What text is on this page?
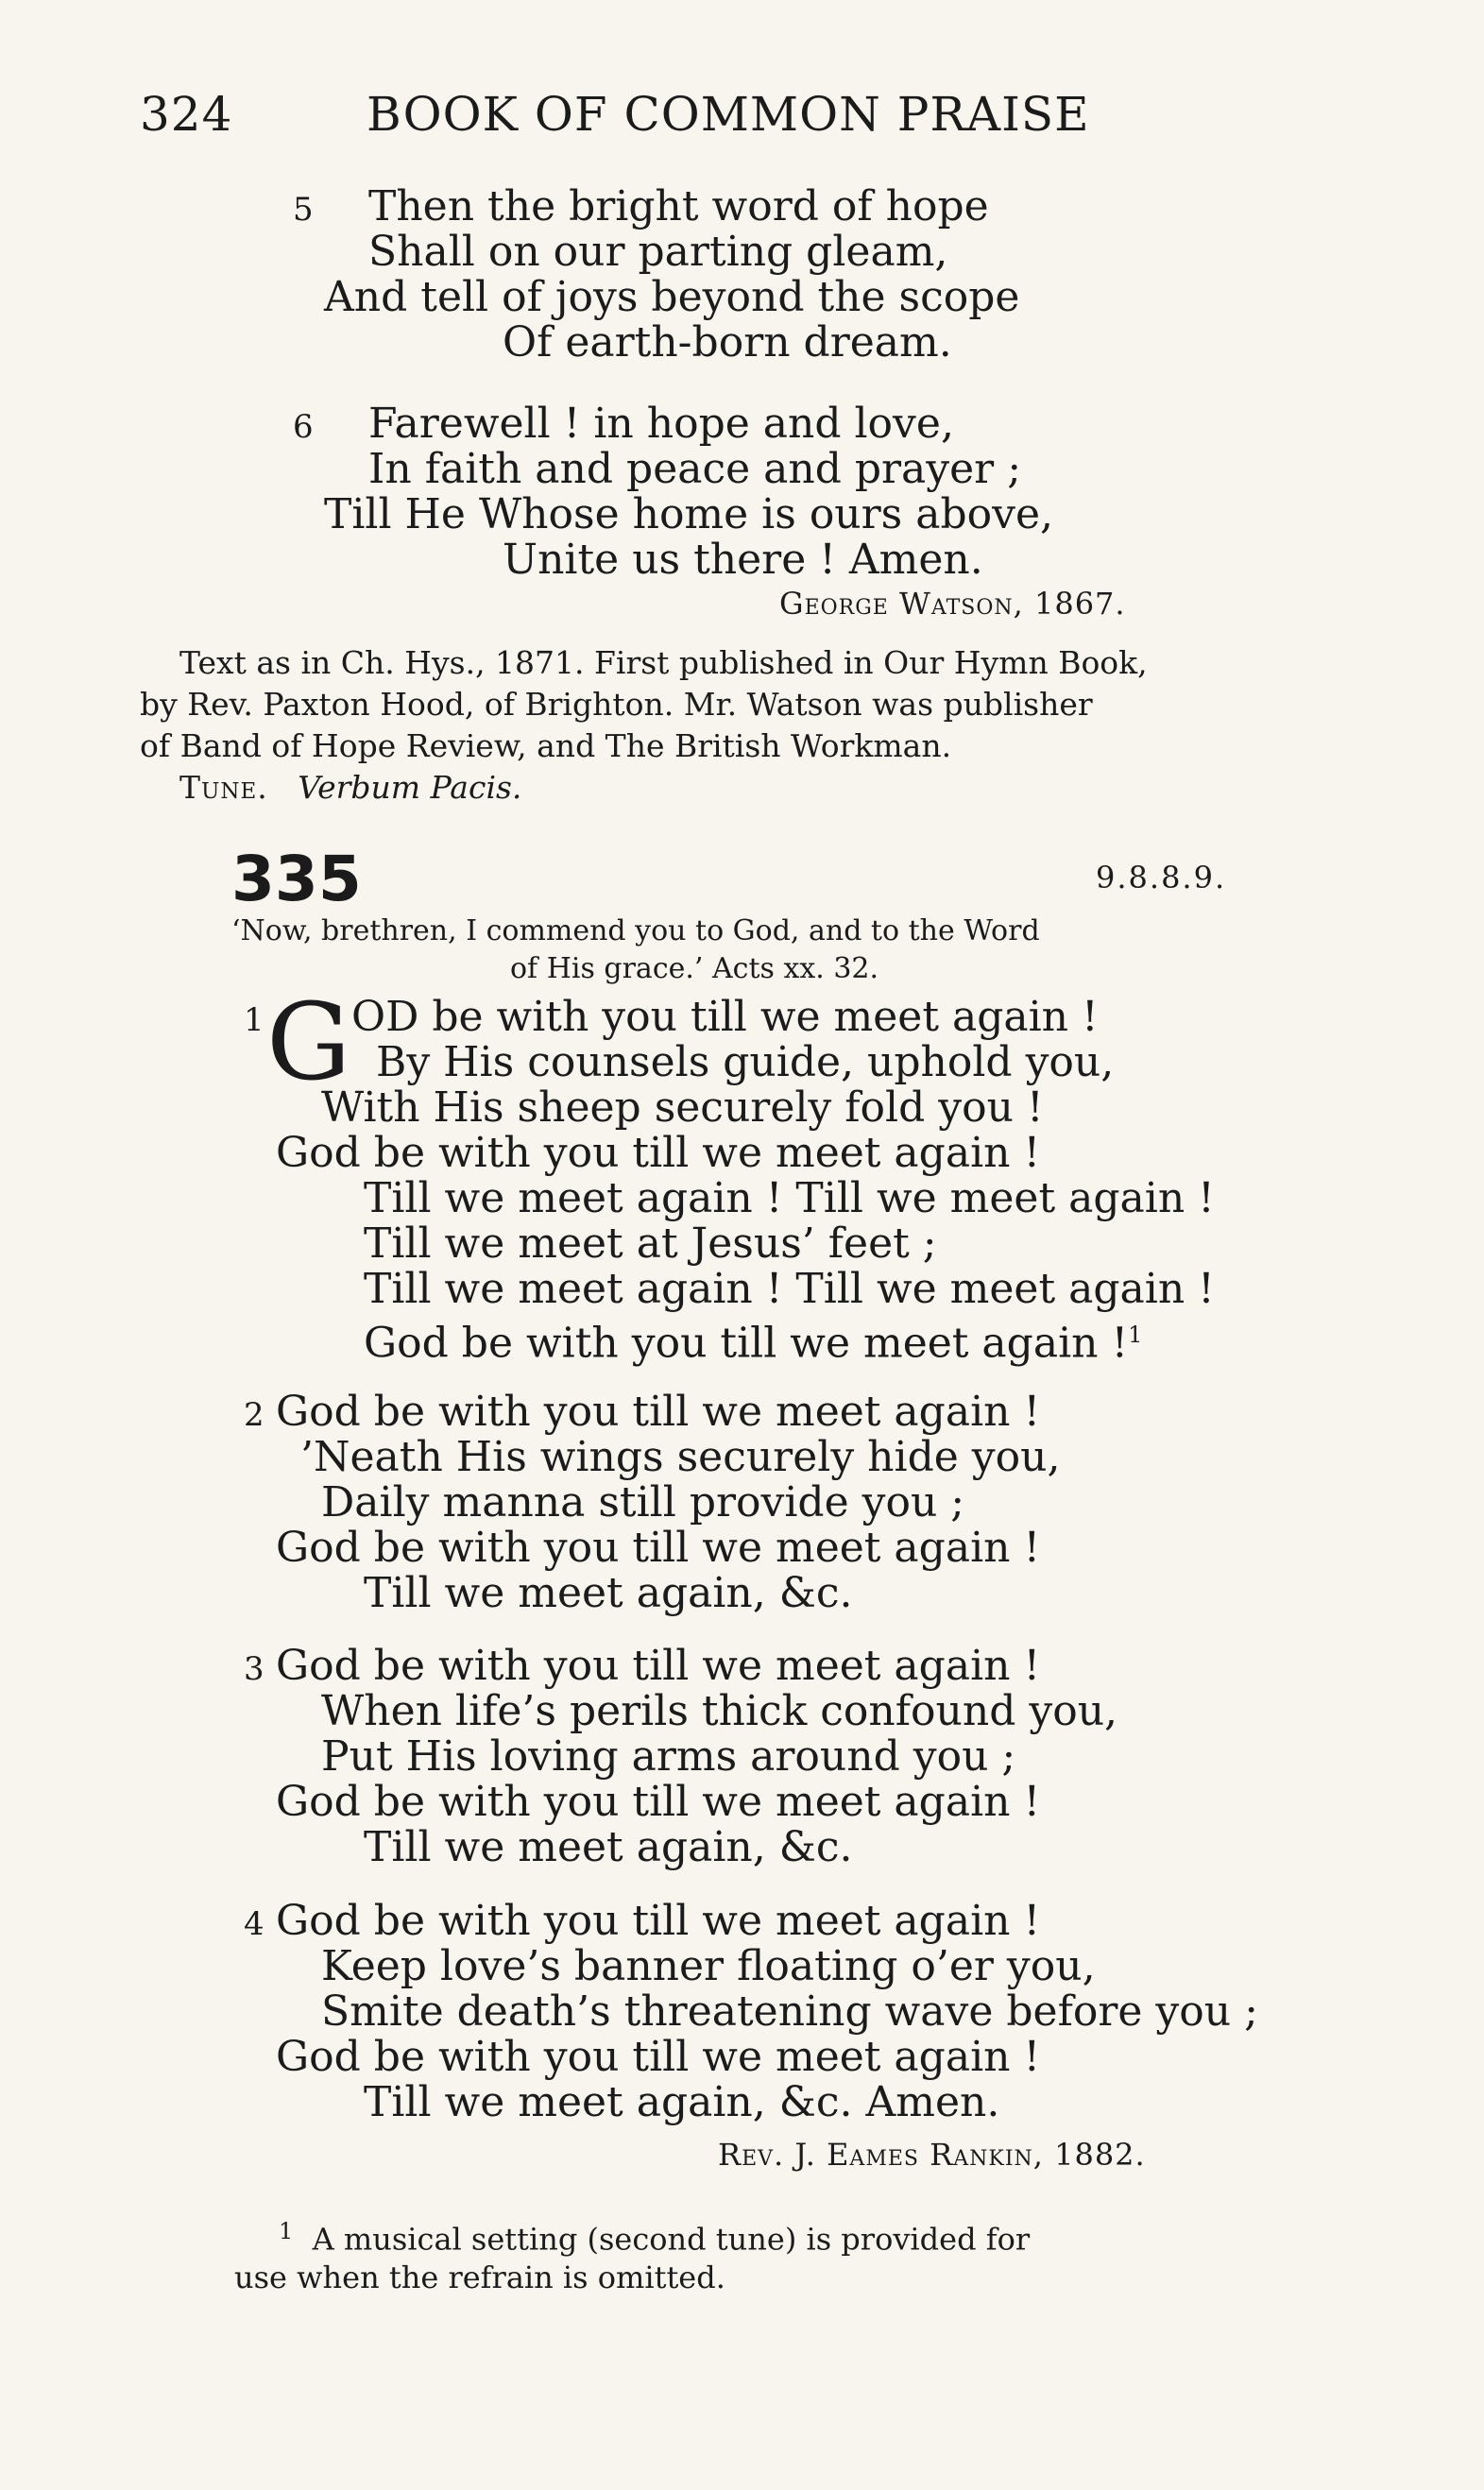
324	BOOK OF COMMON PRAISE
5 Then the bright word of hope
Shall on our parting gleam,
And tell of joys beyond the scope
Of earth-born dream.
6 Farewell ! in hope and love,
In faith and peace and prayer ;
Till He Whose home is ours above,
Unite us there ! Amen.
George Watson, 1867.
Text as in Ch. Hys., 1871. First published in Our Hymn Book,
by Rev. Paxton Hood, of Brighton. Mr. Watson was publisher
of Band of Hope Review, and The British Workman.
Tune. Verbum Pacis.
335	9.8.8.9.
‘Now, brethren, I commend you to God, and to the Word
of His grace.’ Acts xx. 32.
1 G OD be with you till we meet again !
By His counsels guide, uphold you,
With His sheep securely fold you !
God be with you till we meet again !
Till we meet again ! Till we meet again !
Till we meet at Jesus’ feet ;
Till we meet again ! Till we meet again !
God be with you till we meet again !$^1$
2 God be with you till we meet again !
’Neath His wings securely hide you,
Daily manna still provide you ;
God be with you till we meet again !
Till we meet again, &c.
3 God be with you till we meet again !
When life’s perils thick confound you,
Put His loving arms around you ;
God be with you till we meet again !
Till we meet again, &c.
4 God be with you till we meet again !
Keep love’s banner floating o’er you,
Smite death’s threatening wave before you ;
God be with you till we meet again !
Till we meet again, &c. Amen.
Rev. J. Eames Rankin, 1882.
$^1$ A musical setting (second tune) is provided for
use when the refrain is omitted.
